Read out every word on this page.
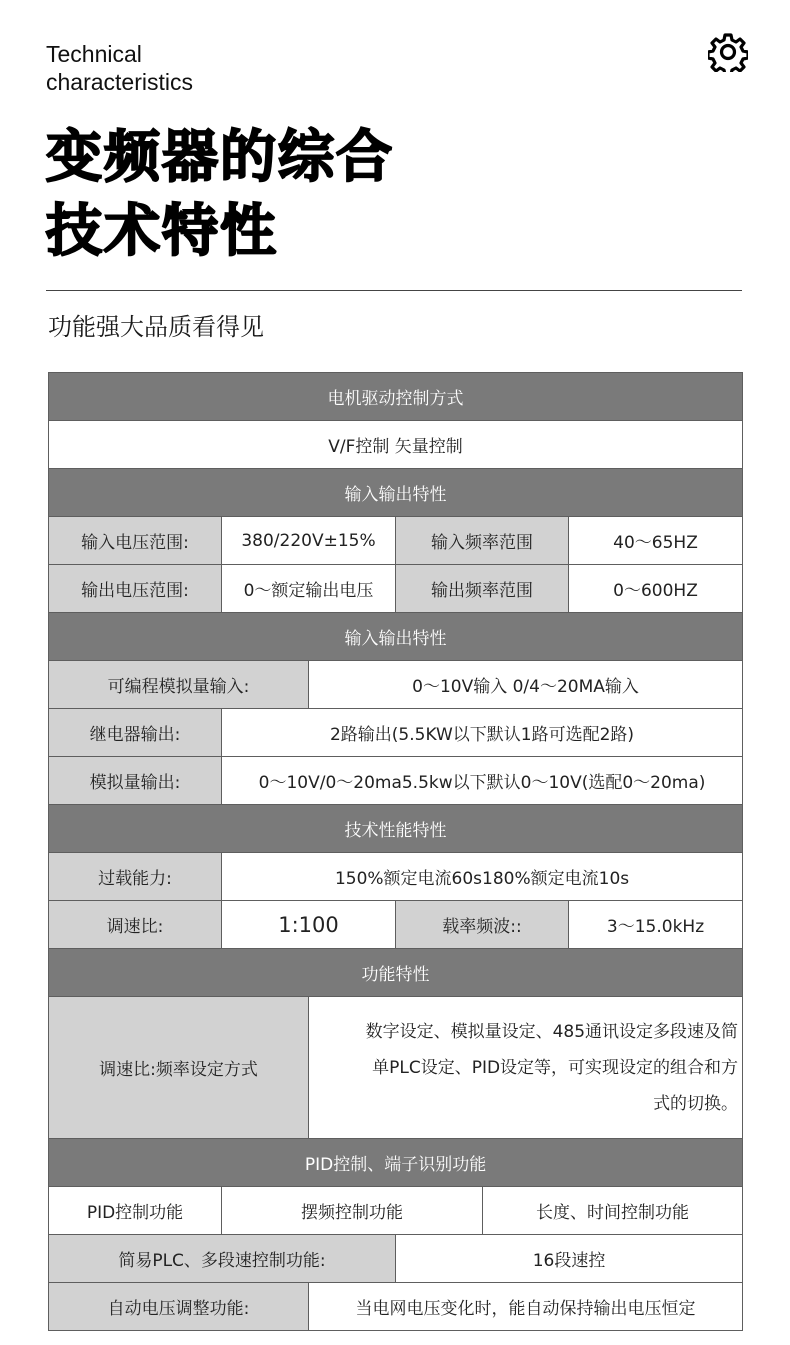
Technical
characteristics
变频器的综合
技术特性
功能强大品质看得见
电机驱动控制方式					
V/F控制 矢量控制					
输入输出特性					
输入电压范围:	380/220V±15%		输入频率范围		40～65HZ
输出电压范围:	0～额定输出电压		输出频率范围		0～600HZ
输入输出特性					
可编程模拟量输入:		0～10V输入 0/4～20MA输入			
继电器输出:	2路输出(5.5KW以下默认1路可选配2路)				
模拟量输出:	0～10V/0～20ma5.5kw以下默认0～10V(选配0～20ma)				
技术性能特性					
过载能力:	150%额定电流60s180%额定电流10s				
调速比:	1:100		载率频波::		3～15.0kHz
功能特性					
调速比:频率设定方式		数字设定、模拟量设定、485通讯设定多段速及简
单PLC设定、PID设定等，可实现设定的组合和方
式的切换。			

PID控制、端子识别功能					
PID控制功能	摆频控制功能			长度、时间控制功能	
简易PLC、多段速控制功能:			16段速控		
自动电压调整功能:		当电网电压变化时，能自动保持输出电压恒定			
